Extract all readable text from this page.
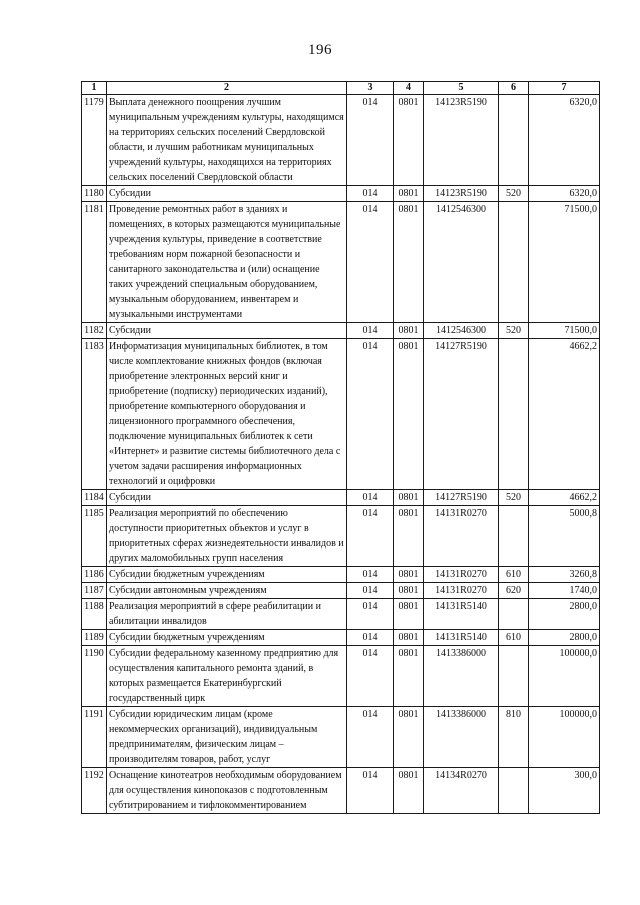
196
1	2	3	4	5	6	7
1179	Выплата денежного поощрения лучшим муниципальным учреждениям культуры, находящимся на территориях сельских поселений Свердловской области, и лучшим работникам муниципальных учреждений культуры, находящихся на территориях сельских поселений Свердловской области	014	0801	14123R5190		6320,0
1180	Субсидии	014	0801	14123R5190	520	6320,0
1181	Проведение ремонтных работ в зданиях и помещениях, в которых размещаются муниципальные учреждения культуры, приведение в соответствие требованиям норм пожарной безопасности и санитарного законодательства и (или) оснащение таких учреждений специальным оборудованием, музыкальным оборудованием, инвентарем и музыкальными инструментами	014	0801	1412546300		71500,0
1182	Субсидии	014	0801	1412546300	520	71500,0
1183	Информатизация муниципальных библиотек, в том числе комплектование книжных фондов (включая приобретение электронных версий книг и приобретение (подписку) периодических изданий), приобретение компьютерного оборудования и лицензионного программного обеспечения, подключение муниципальных библиотек к сети «Интернет» и развитие системы библиотечного дела с учетом задачи расширения информационных технологий и оцифровки	014	0801	14127R5190		4662,2
1184	Субсидии	014	0801	14127R5190	520	4662,2
1185	Реализация мероприятий по обеспечению доступности приоритетных объектов и услуг в приоритетных сферах жизнедеятельности инвалидов и других маломобильных групп населения	014	0801	14131R0270		5000,8
1186	Субсидии бюджетным учреждениям	014	0801	14131R0270	610	3260,8
1187	Субсидии автономным учреждениям	014	0801	14131R0270	620	1740,0
1188	Реализация мероприятий в сфере реабилитации и абилитации инвалидов	014	0801	14131R5140		2800,0
1189	Субсидии бюджетным учреждениям	014	0801	14131R5140	610	2800,0
1190	Субсидии федеральному казенному предприятию для осуществления капитального ремонта зданий, в которых размещается Екатеринбургский государственный цирк	014	0801	1413386000		100000,0
1191	Субсидии юридическим лицам (кроме некоммерческих организаций), индивидуальным предпринимателям, физическим лицам – производителям товаров, работ, услуг	014	0801	1413386000	810	100000,0
1192	Оснащение кинотеатров необходимым оборудованием для осуществления кинопоказов с подготовленным субтитрированием и тифлокомментированием	014	0801	14134R0270		300,0
